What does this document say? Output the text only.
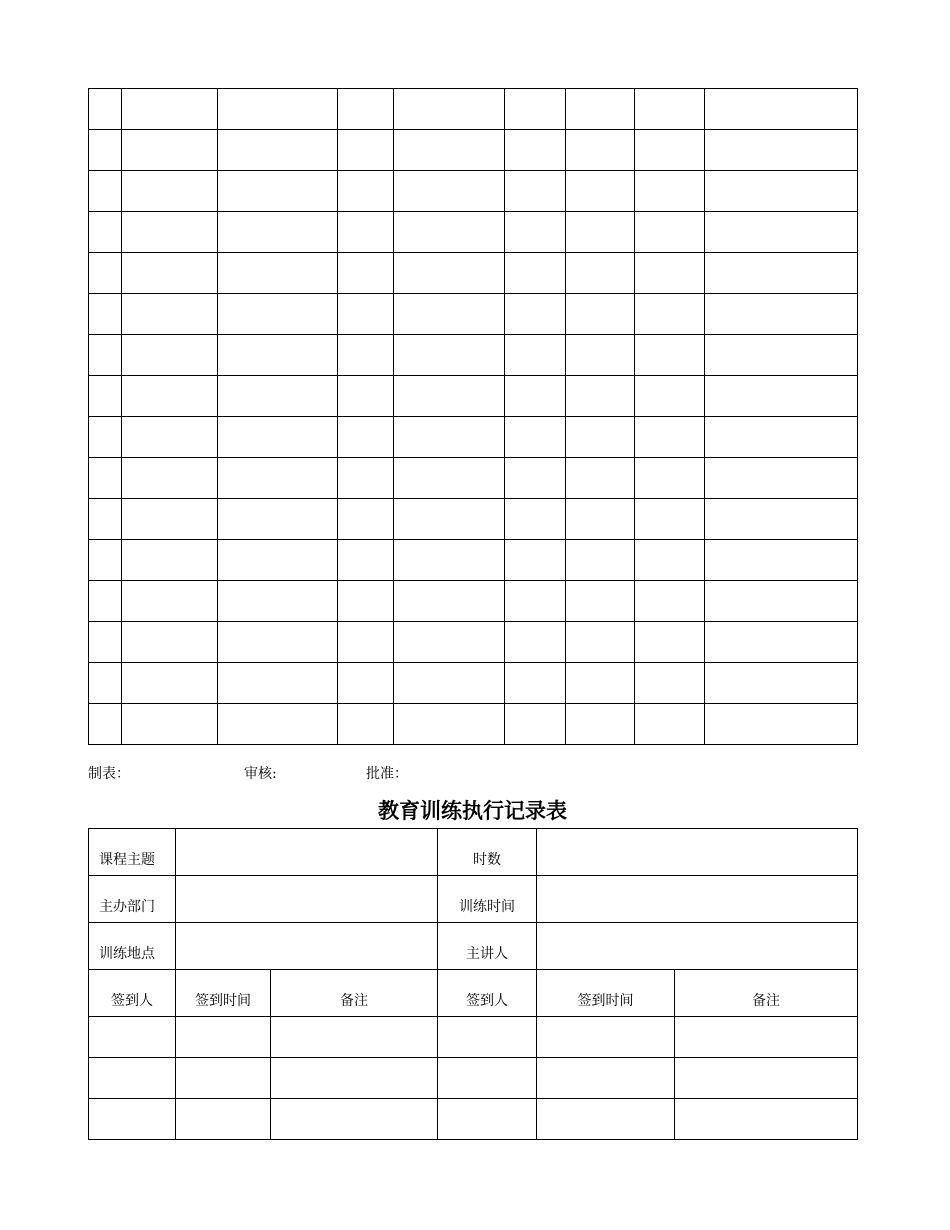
制表：	审核:	批准：
教育训练执行记录表
课程主题			时数		
主办部门			训练时间		
训练地点			主讲人		
签到人	签到时间	备注	签到人	签到时间	备注
